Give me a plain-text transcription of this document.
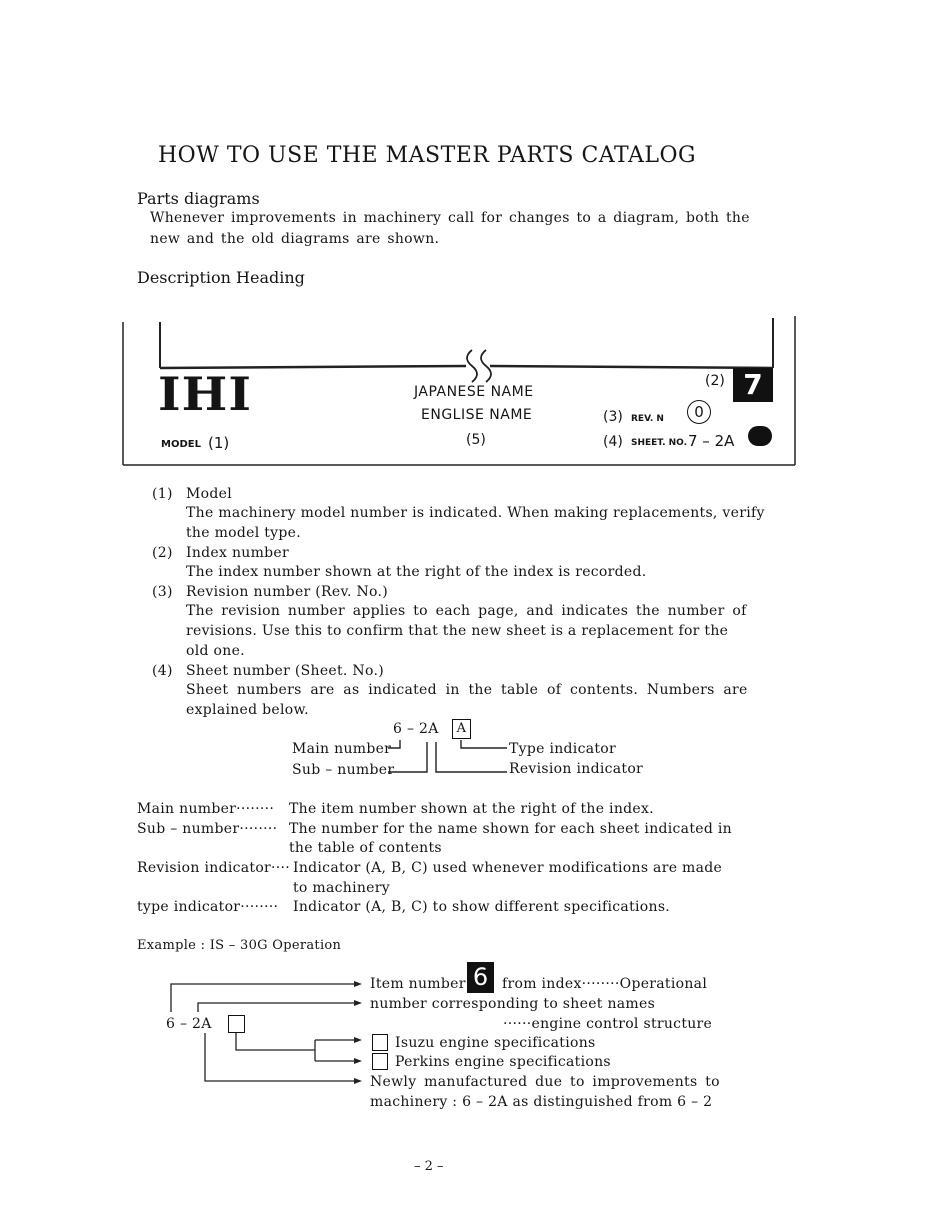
HOW TO USE THE MASTER PARTS CATALOG
Parts diagrams
Whenever improvements in machinery call for changes to a diagram, both the
new and the old diagrams are shown.
Description Heading
IHI
MODEL (1)
JAPANESE NAME
ENGLISE NAME
(5)
(2) 7
(3) REV. N	0
(4) SHEET. NO. 7 – 2A
(1) Model
The machinery model number is indicated. When making replacements, verify
the model type.
(2) Index number
The index number shown at the right of the index is recorded.
(3) Revision number (Rev. No.)
The revision number applies to each page, and indicates the number of
revisions. Use this to confirm that the new sheet is a replacement for the
old one.
(4) Sheet number (Sheet. No.)
Sheet numbers are as indicated in the table of contents. Numbers are
explained below.
6 – 2A	A
Main number
Sub – number
Type indicator
Revision indicator
Main number········ The item number shown at the right of the index.
Sub – number········ The number for the name shown for each sheet indicated in
the table of contents
Revision indicator···· Indicator (A, B, C) used whenever modifications are made
to machinery
type indicator········ Indicator (A, B, C) to show different specifications.
Example : IS – 30G Operation
6 – 2A
Item number 6 from index········Operational
number corresponding to sheet names
······engine control structure
Isuzu engine specifications
Perkins engine specifications
Newly manufactured due to improvements to
machinery : 6 – 2A as distinguished from 6 – 2
– 2 –
